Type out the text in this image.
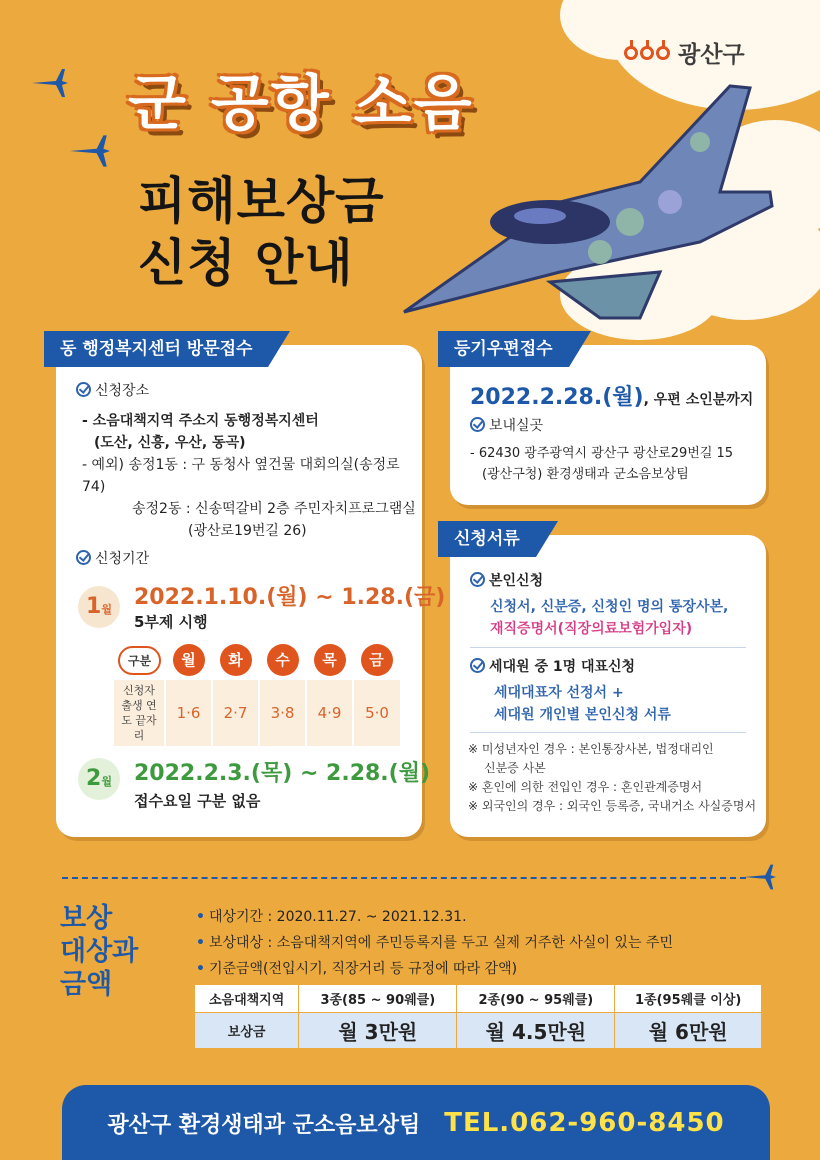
광산구
군 공항 소음
피해보상금
신청 안내
동 행정복지센터 방문접수
신청장소
- 소음대책지역 주소지 동행정복지센터
(도산, 신흥, 우산, 동곡)
- 예외) 송정1동 : 구 동청사 옆건물 대회의실(송정로 74)
송정2동 : 신송떡갈비 2층 주민자치프로그램실
(광산로19번길 26)
신청기간
1월	2022.1.10.(월) ~ 1.28.(금)
5부제 시행
구분	월	화	수	목	금
신청자 출생 연도 끝자리	1·6	2·7	3·8	4·9	5·0
2월	2022.2.3.(목) ~ 2.28.(월)
접수요일 구분 없음
등기우편접수
2022.2.28.(월), 우편 소인분까지
보내실곳
- 62430 광주광역시 광산구 광산로29번길 15
(광산구청) 환경생태과 군소음보상팀
신청서류
본인신청
신청서, 신분증, 신청인 명의 통장사본,
재직증명서(직장의료보험가입자)
세대원 중 1명 대표신청
세대대표자 선정서 +
세대원 개인별 본인신청 서류
※ 미성년자인 경우 : 본인통장사본, 법정대리인
신분증 사본
※ 혼인에 의한 전입인 경우 : 혼인관계증명서
※ 외국인의 경우 : 외국인 등록증, 국내거소 사실증명서
보상
대상과
금액
• 대상기간 : 2020.11.27. ~ 2021.12.31.
• 보상대상 : 소음대책지역에 주민등록지를 두고 실제 거주한 사실이 있는 주민
• 기준금액(전입시기, 직장거리 등 규정에 따라 감액)
소음대책지역	3종(85 ~ 90웨클)	2종(90 ~ 95웨클)	1종(95웨클 이상)
보상금	월 3만원	월 4.5만원	월 6만원
광산구 환경생태과 군소음보상팀 TEL.062-960-8450
